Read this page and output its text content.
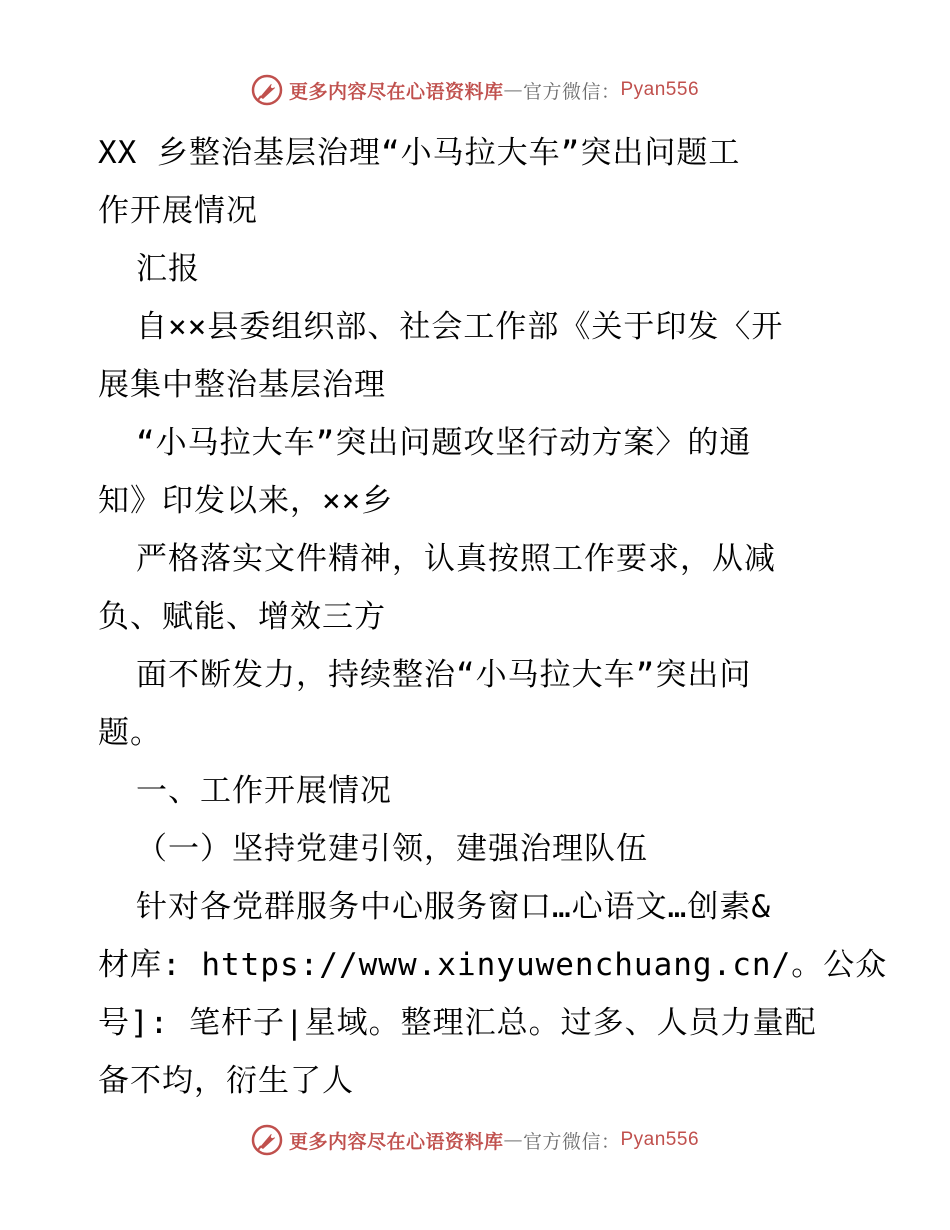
更多内容尽在心语资料库 — 官方微信： Pyan556
XX 乡整治基层治理“小马拉大车”突出问题工
作开展情况
汇报
自××县委组织部、社会工作部《关于印发〈开
展集中整治基层治理
“小马拉大车”突出问题攻坚行动方案〉的通
知》印发以来，××乡
严格落实文件精神，认真按照工作要求，从减
负、赋能、增效三方
面不断发力，持续整治“小马拉大车”突出问
题。
一、工作开展情况
（一）坚持党建引领，建强治理队伍
针对各党群服务中心服务窗口…心语文…创素&
材库: https://www.xinyuwenchuang.cn/。公众
号]: 笔杆子|星域。整理汇总。过多、人员力量配
备不均，衍生了人
更多内容尽在心语资料库 — 官方微信： Pyan556
